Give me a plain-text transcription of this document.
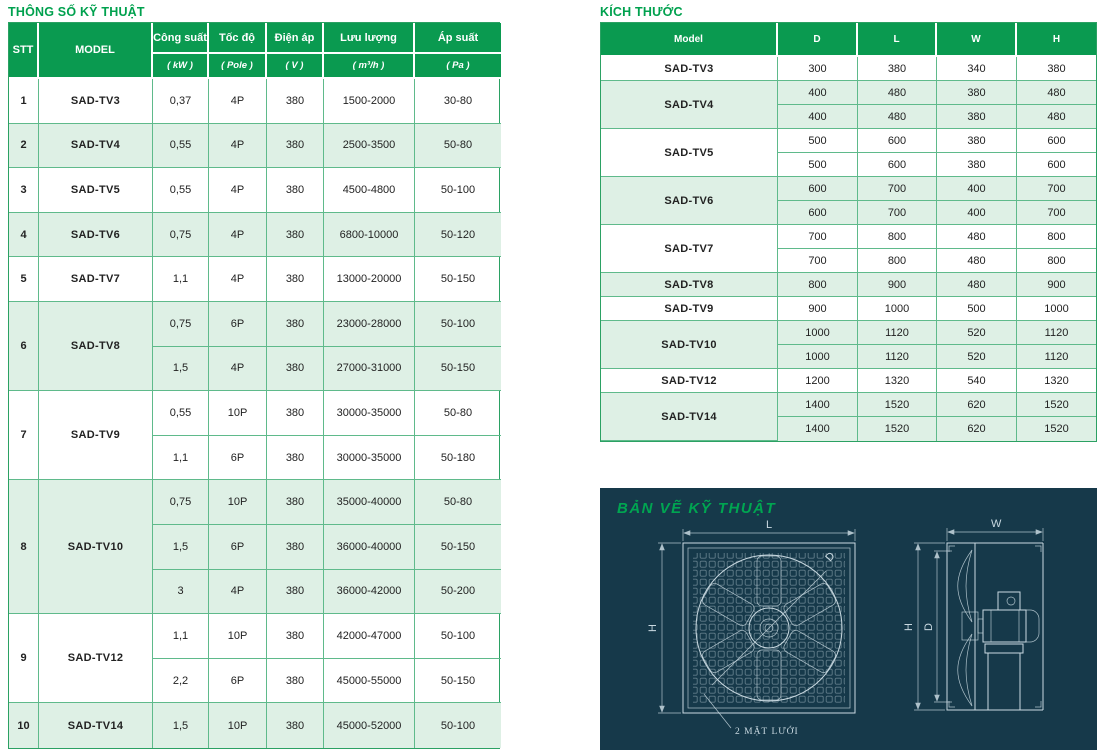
THÔNG SỐ KỸ THUẬT
STT	MODEL	Công suất	Tốc độ	Điện áp	Lưu lượng	Áp suất
		( kW )	( Pole )	( V )	( m³/h )	( Pa )
1	SAD-TV3	0,37	4P	380	1500-2000	30-80
2	SAD-TV4	0,55	4P	380	2500-3500	50-80
3	SAD-TV5	0,55	4P	380	4500-4800	50-100
4	SAD-TV6	0,75	4P	380	6800-10000	50-120
5	SAD-TV7	1,1	4P	380	13000-20000	50-150
6	SAD-TV8	0,75	6P	380	23000-28000	50-100
		1,5	4P	380	27000-31000	50-150
7	SAD-TV9	0,55	10P	380	30000-35000	50-80
		1,1	6P	380	30000-35000	50-180
8	SAD-TV10	0,75	10P	380	35000-40000	50-80
		1,5	6P	380	36000-40000	50-150
		3	4P	380	36000-42000	50-200
9	SAD-TV12	1,1	10P	380	42000-47000	50-100
		2,2	6P	380	45000-55000	50-150
10	SAD-TV14	1,5	10P	380	45000-52000	50-100
KÍCH THƯỚC
Model	D	L	W	H
SAD-TV3	300	380	340	380
SAD-TV4	400	480	380	480
	400	480	380	480
SAD-TV5	500	600	380	600
	500	600	380	600
SAD-TV6	600	700	400	700
	600	700	400	700
SAD-TV7	700	800	480	800
	700	800	480	800
SAD-TV8	800	900	480	900
SAD-TV9	900	1000	500	1000
SAD-TV10	1000	1120	520	1120
	1000	1120	520	1120
SAD-TV12	1200	1320	540	1320
SAD-TV14	1400	1520	620	1520
	1400	1520	620	1520
L
H
D
2 MẶT LƯỚI
W
H D
BẢN VẼ KỸ THUẬT
